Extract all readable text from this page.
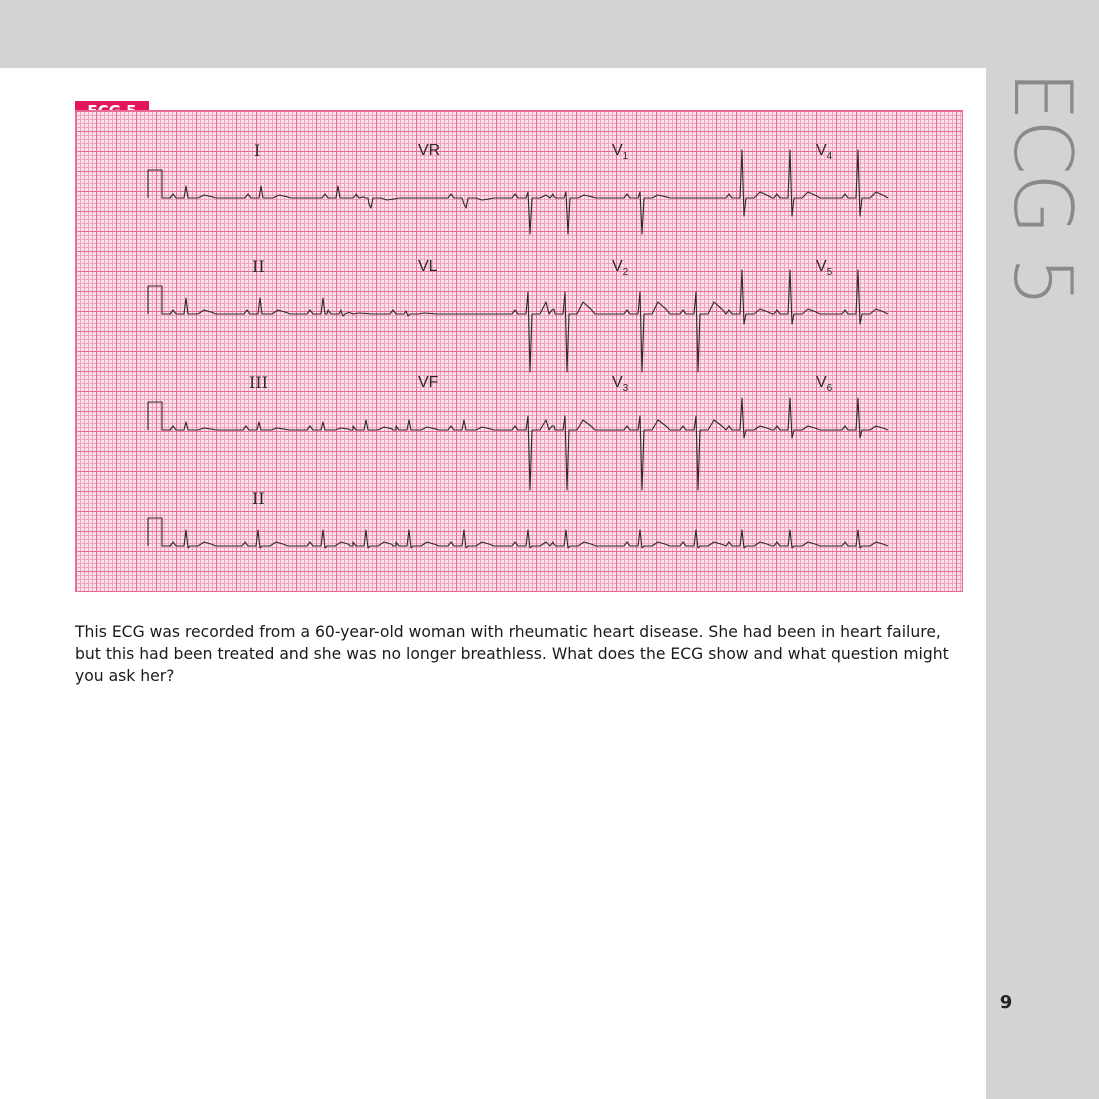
ECG 5
I	VR	$V_1$	$V_4$
II	VL	$V_2$	$V_5$
III	VF	$V_3$	$V_6$
II
This ECG was recorded from a 60-year-old woman with rheumatic heart disease. She had been in heart failure, but this had been treated and she was no longer breathless. What does the ECG show and what question might you ask her?
9
